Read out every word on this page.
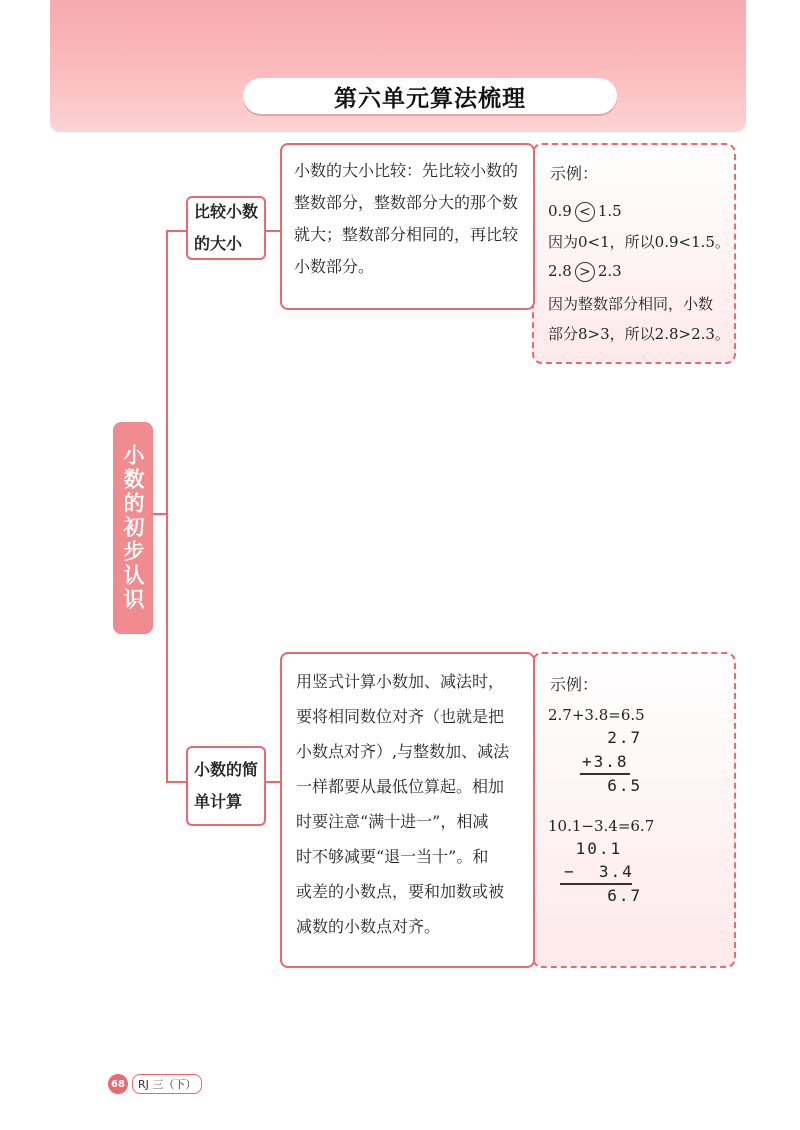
第六单元算法梳理
小数的初步认识
比较小数的大小
小数的大小比较：先比较小数的
整数部分，整数部分大的那个数
就大；整数部分相同的，再比较
小数部分。
示例：
0.9 < 1.5
因为0<1，所以0.9<1.5。
2.8 > 2.3
因为整数部分相同，小数
部分8>3，所以2.8>2.3。
小数的简单计算
用竖式计算小数加、减法时，
要将相同数位对齐（也就是把
小数点对齐）,与整数加、减法
一样都要从最低位算起。相加
时要注意“满十进一”，相减
时不够减要“退一当十”。和
或差的小数点，要和加数或被
减数的小数点对齐。
示例：
2.7+3.8=6.5
2.7
+3.8
6.5
10.1−3.4=6.7
10.1
−  3.4
6.7
68	RJ 三（下）
